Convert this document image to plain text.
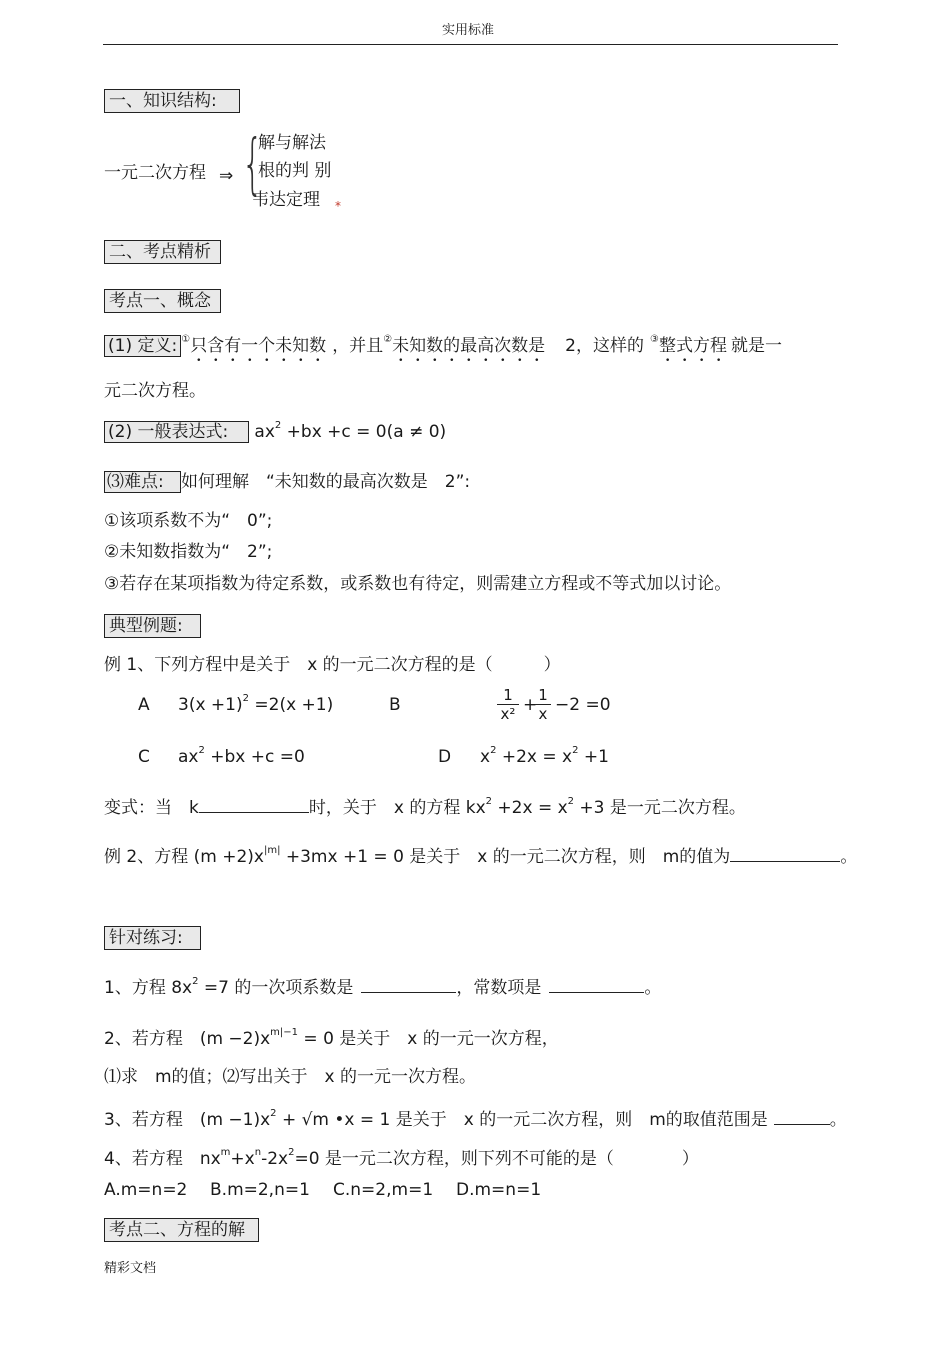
实用标准
一、知识结构:
一元二次方程 ⇒ {
解与解法
根的判 别
韦达定理 *
二、考点精析
考点一、概念
(1) 定义: ①只含有一个未知数 ，并且②未知数的最高次数是 2，这样的 ③整式方程 就是一
元二次方程。
(2) 一般表达式: $ax^2 +bx +c = 0(a \ne 0)$
⑶难点: 如何理解　“未知数的最高次数是　2”:
①该项系数不为“　0”;
②未知数指数为“　2”;
③若存在某项指数为待定系数，或系数也有待定，则需建立方程或不等式加以讨论。
典型例题:
例 1、下列方程中是关于　x 的一元二次方程的是（　　　）
A $3(x +1)^2 =2(x +1)$	B	$\frac{1}{\text{x²}}$ +
$\frac{1}{x} -2 =0$
C $ax^2 +bx +c =0$	D $x^2 +2x = x^2 +1$
变式：当　k	时，关于　x 的方程 $kx^2 +2x = x^2 +3$ 是一元二次方程。
例 2、方程 $(m +2)x^{|m|} +3mx +1 = 0$ 是关于　x 的一元二次方程，则　m的值为	。
针对练习:
1、方程 $8x^2 =7$ 的一次项系数是	，常数项是	。
2、若方程　$(m -2)x^{m|-1} = 0$ 是关于　x 的一元一次方程，
⑴求　m的值；⑵写出关于　x 的一元一次方程。
3、若方程　$(m -1)x^2 + √m$ •x = 1 是关于　x 的一元二次方程，则　m的取值范围是	。
4、若方程　$nx^m+x^n-2x^2=0$ 是一元二次方程，则下列不可能的是（　　　　）
A.m=n=2 B.m=2,n=1 C.n=2,m=1 D.m=n=1
考点二、方程的解
精彩文档
